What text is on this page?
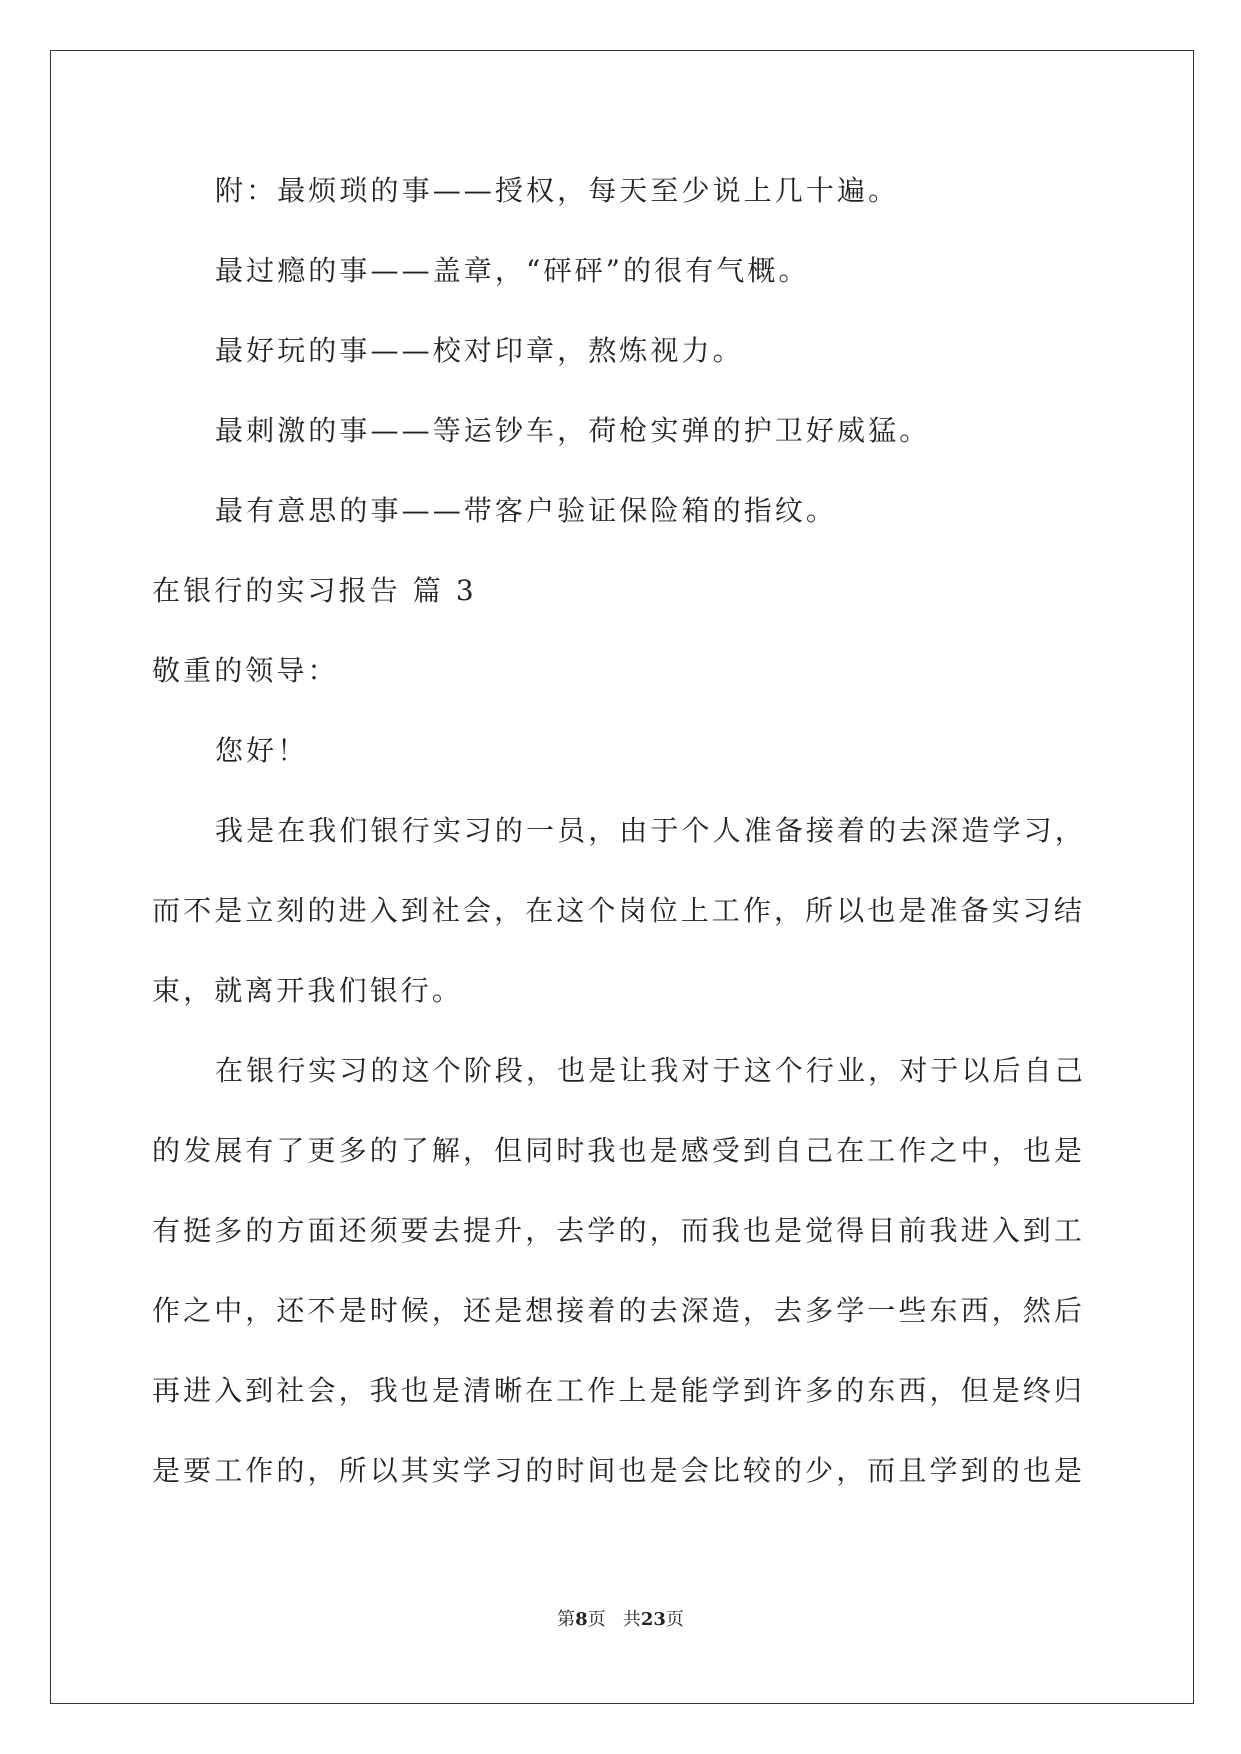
附：最烦琐的事——授权，每天至少说上几十遍。
最过瘾的事——盖章，“砰砰”的很有气概。
最好玩的事——校对印章，熬炼视力。
最刺激的事——等运钞车，荷枪实弹的护卫好威猛。
最有意思的事——带客户验证保险箱的指纹。
在银行的实习报告 篇 3
敬重的领导：
您好！
我是在我们银行实习的一员，由于个人准备接着的去深造学习，
而不是立刻的进入到社会，在这个岗位上工作，所以也是准备实习结
束，就离开我们银行。
在银行实习的这个阶段，也是让我对于这个行业，对于以后自己
的发展有了更多的了解，但同时我也是感受到自己在工作之中，也是
有挺多的方面还须要去提升，去学的，而我也是觉得目前我进入到工
作之中，还不是时候，还是想接着的去深造，去多学一些东西，然后
再进入到社会，我也是清晰在工作上是能学到许多的东西，但是终归
是要工作的，所以其实学习的时间也是会比较的少，而且学到的也是
第8页 共23页
